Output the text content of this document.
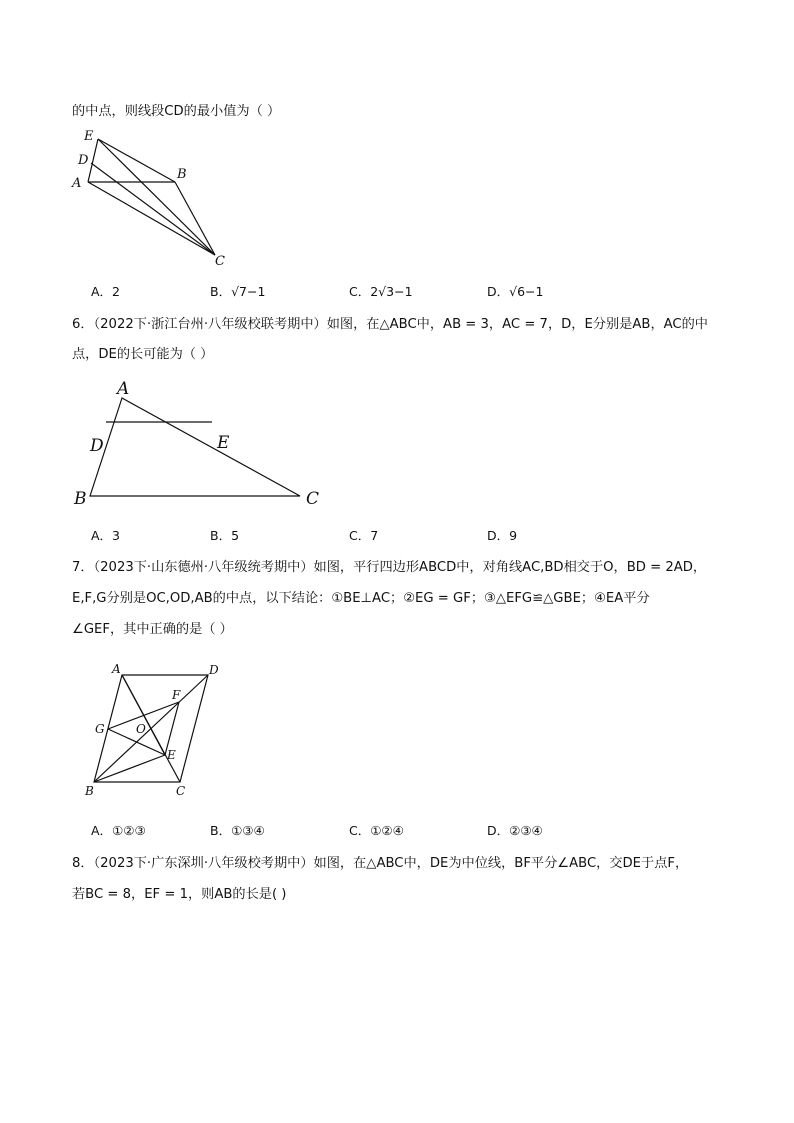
的中点，则线段CD的最小值为（ ）
E
D
A
B
C
A．2	B．√7−1	C．2√3−1	D．√6−1
6．（2022下·浙江台州·八年级校联考期中）如图，在△ABC中，AB = 3，AC = 7，D，E分别是AB，AC的中
点，DE的长可能为（ ）
A
D	E
B	C
A．3	B．5	C．7	D．9
7．（2023下·山东德州·八年级统考期中）如图，平行四边形ABCD中，对角线AC,BD相交于O，BD = 2AD，
E,F,G分别是OC,OD,AB的中点，以下结论：①BE⊥AC；②EG = GF；③△EFG≌△GBE；④EA平分
∠GEF，其中正确的是（ ）
A	D
F
G	O
E
B	C
A．①②③	B．①③④	C．①②④	D．②③④
8．（2023下·广东深圳·八年级校考期中）如图，在△ABC中，DE为中位线，BF平分∠ABC，交DE于点F，
若BC = 8，EF = 1，则AB的长是( )
